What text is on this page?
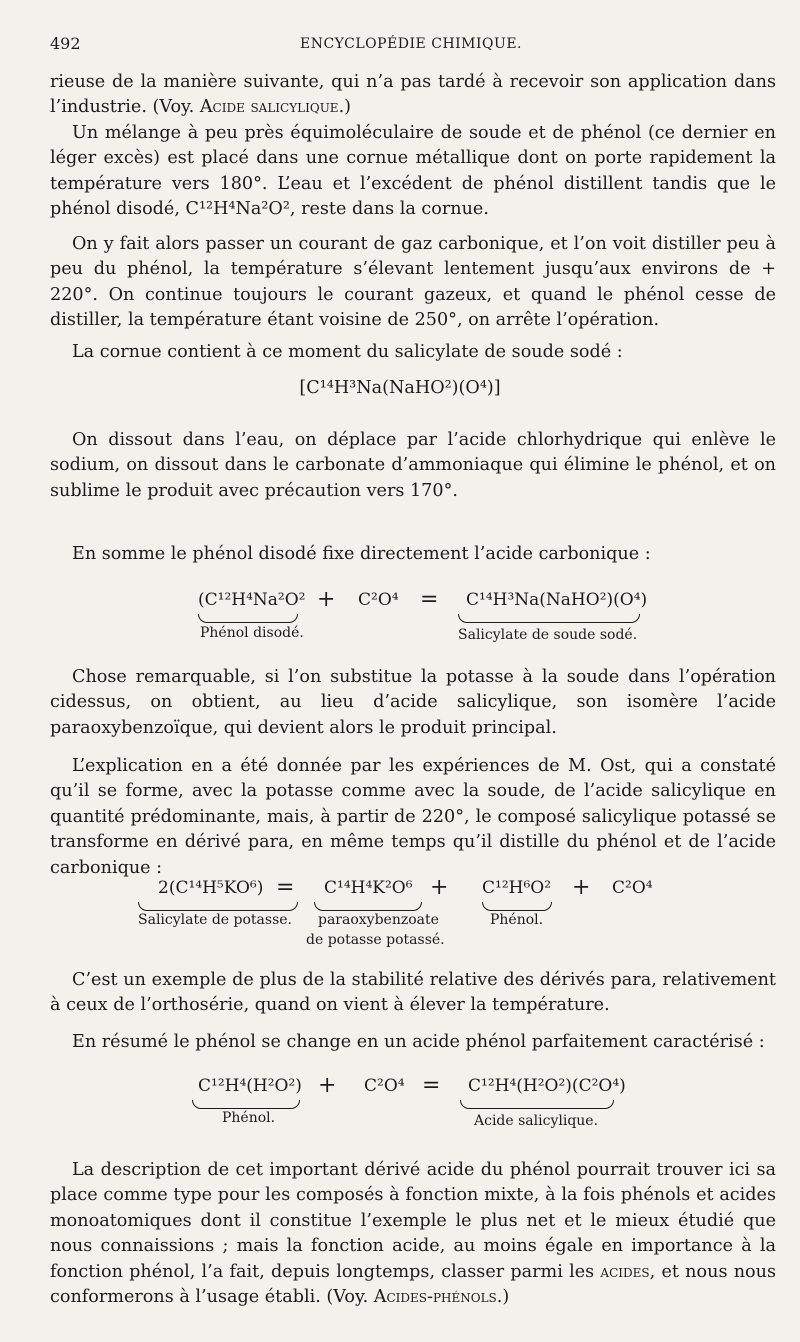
492	ENCYCLOPÉDIE CHIMIQUE.

rieuse de la manière suivante, qui n’a pas tardé à recevoir son application dans l’industrie. (Voy. Acide salicylique.)

Un mélange à peu près équimoléculaire de soude et de phénol (ce dernier en léger excès) est placé dans une cornue métallique dont on porte rapidement la température vers 180°. L’eau et l’excédent de phénol distillent tandis que le phénol disodé, C¹²H⁴Na²O², reste dans la cornue.

On y fait alors passer un courant de gaz carbonique, et l’on voit distiller peu à peu du phénol, la température s’élevant lentement jusqu’aux environs de + 220°. On continue toujours le courant gazeux, et quand le phénol cesse de distiller, la température étant voisine de 250°, on arrête l’opération.

La cornue contient à ce moment du salicylate de soude sodé :

[C¹⁴H³Na(NaHO²)(O⁴)]

On dissout dans l’eau, on déplace par l’acide chlorhydrique qui enlève le sodium, on dissout dans le carbonate d’ammoniaque qui élimine le phénol, et on sublime le produit avec précaution vers 170°.

En somme le phénol disodé fixe directement l’acide carbonique :

(C¹²H⁴Na²O²
Phénol disodé.
+ C²O⁴ = C¹⁴H³Na(NaHO²)(O⁴)
Salicylate de soude sodé.

Chose remarquable, si l’on substitue la potasse à la soude dans l’opération cidessus, on obtient, au lieu d’acide salicylique, son isomère l’acide paraoxybenzoïque, qui devient alors le produit principal.

L’explication en a été donnée par les expériences de M. Ost, qui a constaté qu’il se forme, avec la potasse comme avec la soude, de l’acide salicylique en quantité prédominante, mais, à partir de 220°, le composé salicylique potassé se transforme en dérivé para, en même temps qu’il distille du phénol et de l’acide carbonique :

2(C¹⁴H⁵KO⁶)
Salicylate de potasse.
= C¹⁴H⁴K²O⁶
paraoxybenzoate
de potasse potassé.
+ C¹²H⁶O²
Phénol.
+ C²O⁴

C’est un exemple de plus de la stabilité relative des dérivés para, relativement à ceux de l’orthosérie, quand on vient à élever la température.

En résumé le phénol se change en un acide phénol parfaitement caractérisé :

C¹²H⁴(H²O²)
Phénol.
+ C²O⁴ = C¹²H⁴(H²O²)(C²O⁴)
Acide salicylique.

La description de cet important dérivé acide du phénol pourrait trouver ici sa place comme type pour les composés à fonction mixte, à la fois phénols et acides monoatomiques dont il constitue l’exemple le plus net et le mieux étudié que nous connaissions ; mais la fonction acide, au moins égale en importance à la fonction phénol, l’a fait, depuis longtemps, classer parmi les acides, et nous nous conformerons à l’usage établi. (Voy. Acides-phénols.)
